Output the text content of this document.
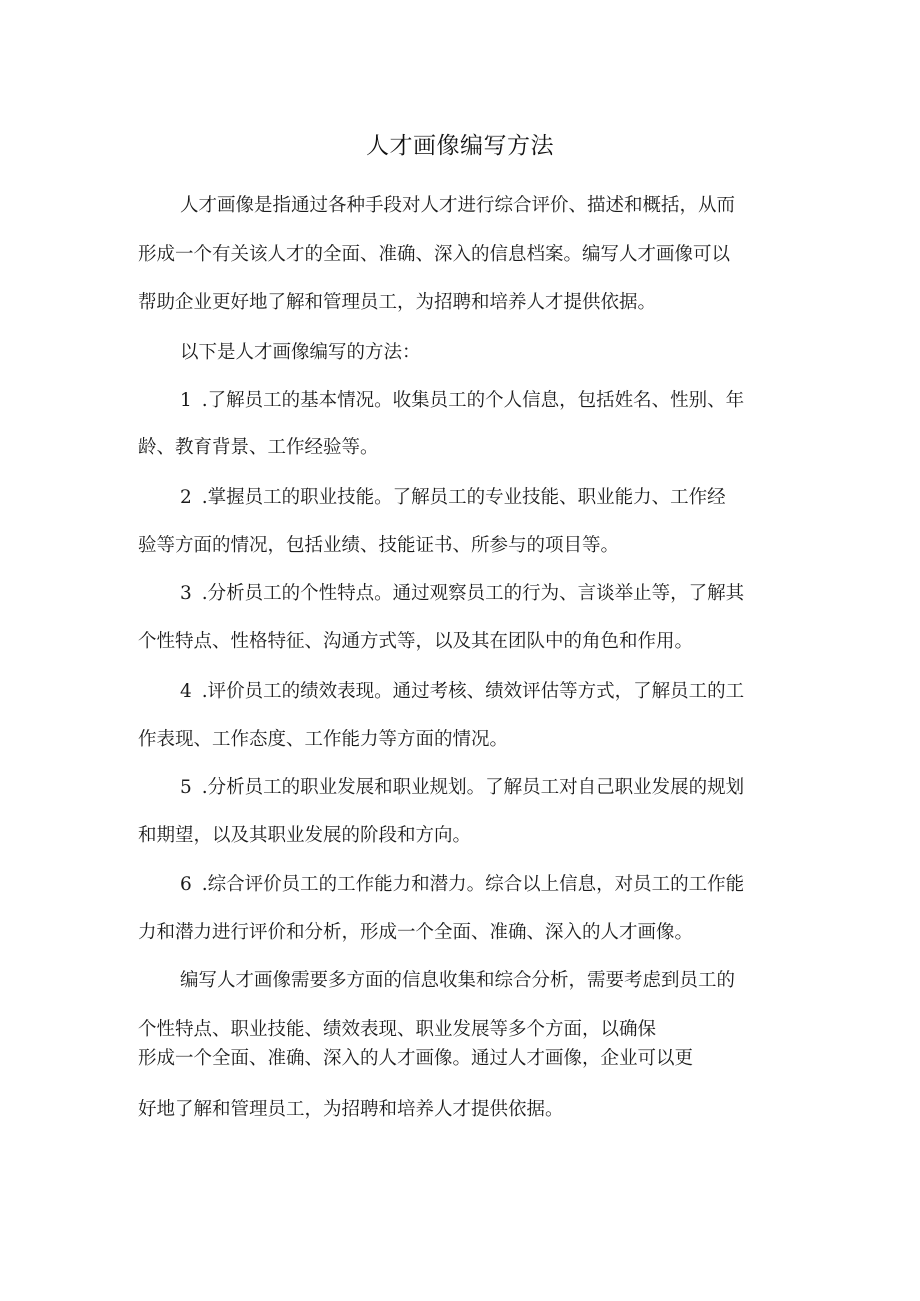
人才画像编写方法
人才画像是指通过各种手段对人才进行综合评价、描述和概括，从而
形成一个有关该人才的全面、准确、深入的信息档案。编写人才画像可以
帮助企业更好地了解和管理员工，为招聘和培养人才提供依据。
以下是人才画像编写的方法：
1 .了解员工的基本情况。收集员工的个人信息，包括姓名、性别、年
龄、教育背景、工作经验等。
2 .掌握员工的职业技能。了解员工的专业技能、职业能力、工作经
验等方面的情况，包括业绩、技能证书、所参与的项目等。
3 .分析员工的个性特点。通过观察员工的行为、言谈举止等，了解其
个性特点、性格特征、沟通方式等，以及其在团队中的角色和作用。
4 .评价员工的绩效表现。通过考核、绩效评估等方式，了解员工的工
作表现、工作态度、工作能力等方面的情况。
5 .分析员工的职业发展和职业规划。了解员工对自己职业发展的规划
和期望，以及其职业发展的阶段和方向。
6 .综合评价员工的工作能力和潜力。综合以上信息，对员工的工作能
力和潜力进行评价和分析，形成一个全面、准确、深入的人才画像。
编写人才画像需要多方面的信息收集和综合分析，需要考虑到员工的
个性特点、职业技能、绩效表现、职业发展等多个方面，以确保
形成一个全面、准确、深入的人才画像。通过人才画像，企业可以更
好地了解和管理员工，为招聘和培养人才提供依据。
